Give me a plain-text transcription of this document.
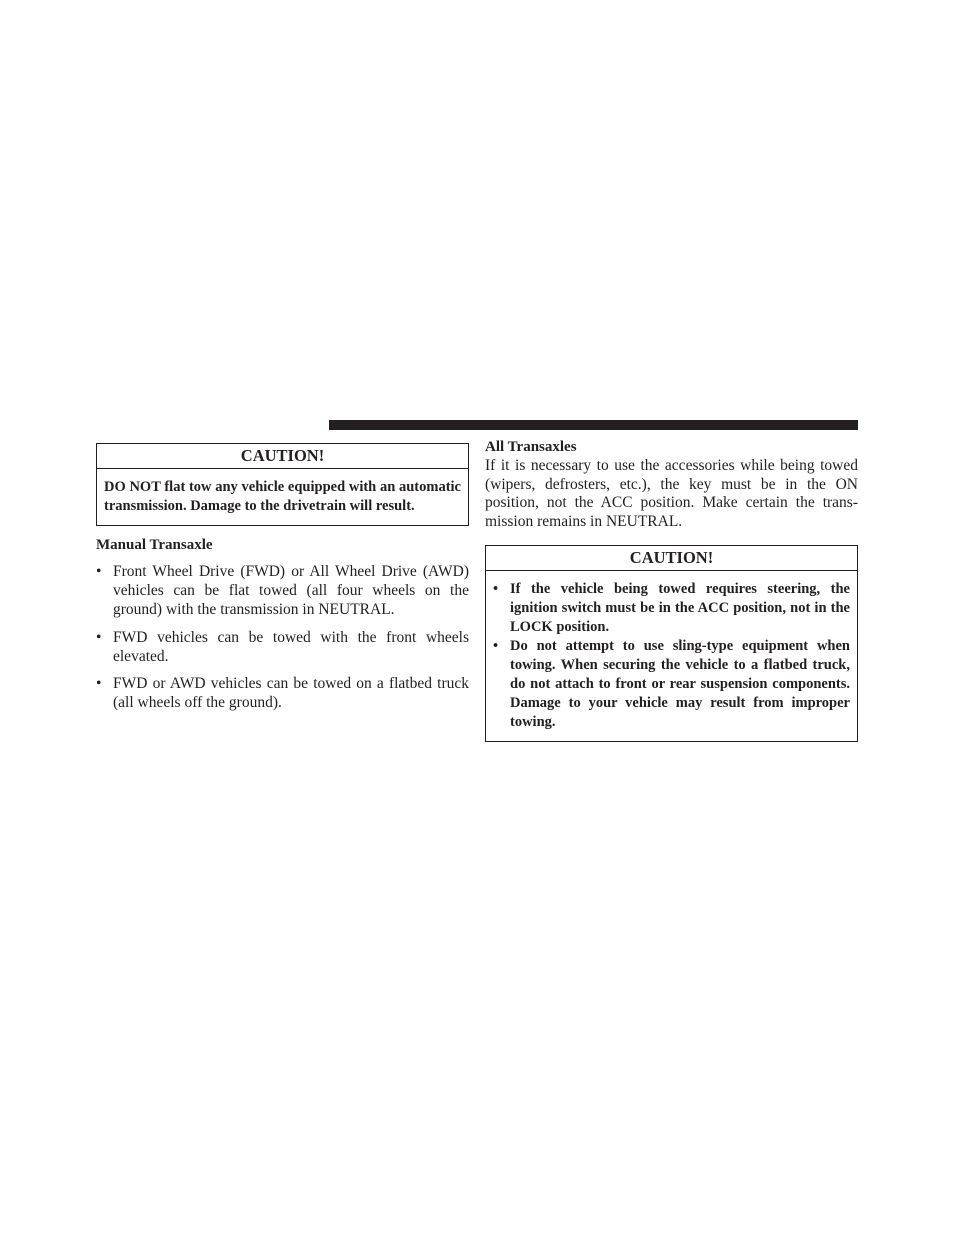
CAUTION!
DO NOT flat tow any vehicle equipped with an automatic transmission. Damage to the drivetrain will result.
Manual Transaxle
• Front Wheel Drive (FWD) or All Wheel Drive (AWD) vehicles can be flat towed (all four wheels on the ground) with the transmission in NEUTRAL.
• FWD vehicles can be towed with the front wheels elevated.
• FWD or AWD vehicles can be towed on a flatbed truck (all wheels off the ground).
All Transaxles
If it is necessary to use the accessories while being towed (wipers, defrosters, etc.), the key must be in the ON position, not the ACC position. Make certain the transmission remains in NEUTRAL.
CAUTION!
• If the vehicle being towed requires steering, the ignition switch must be in the ACC position, not in the LOCK position.
• Do not attempt to use sling-type equipment when towing. When securing the vehicle to a flatbed truck, do not attach to front or rear suspension components. Damage to your vehicle may result from improper towing.
